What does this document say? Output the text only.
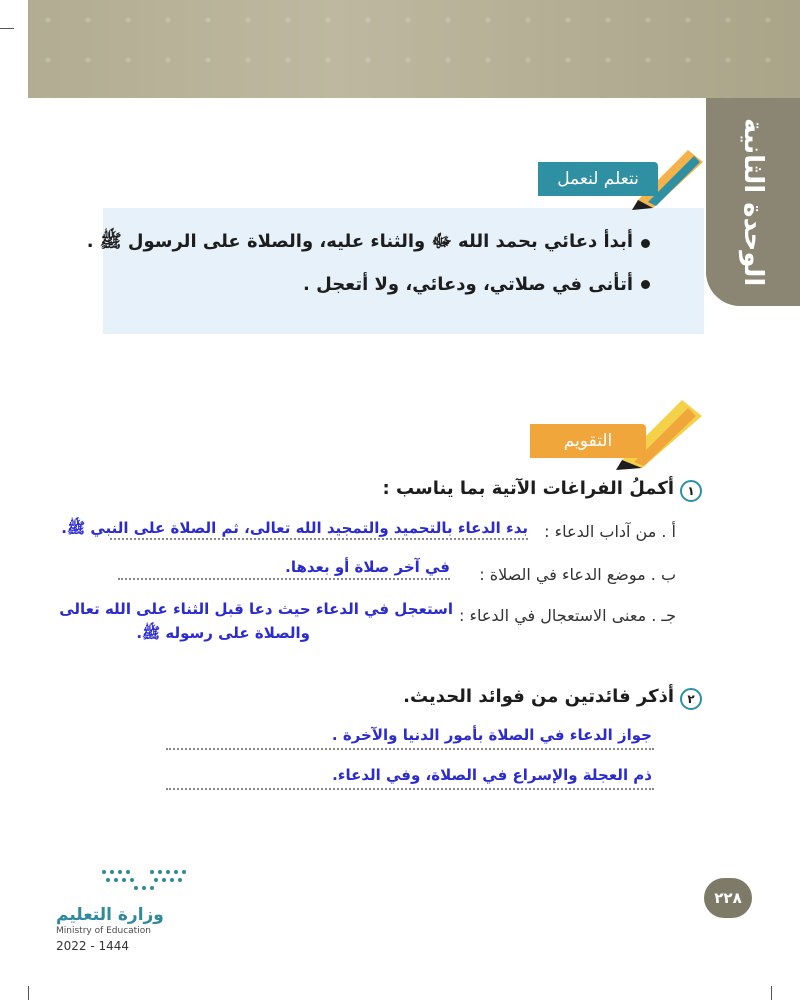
الوحدة الثانية
نتعلم لنعمل
أبدأ دعائي بحمد الله ﷻ والثناء عليه، والصلاة على الرسول ﷺ .
أتأنى في صلاتي، ودعائي، ولا أتعجل .
التقويم
١
أكملُ الفراغات الآتية بما يناسب :
أ . من آداب الدعاء :
بدء الدعاء بالتحميد والتمجيد الله تعالى، ثم الصلاة على النبي ﷺ.
ب . موضع الدعاء في الصلاة :
في آخر صلاة أو بعدها.
جـ . معنى الاستعجال في الدعاء :
استعجل في الدعاء حيث دعا قبل الثناء على الله تعالى
والصلاة على رسوله ﷺ.
٢
أذكر فائدتين من فوائد الحديث.
جواز الدعاء في الصلاة بأمور الدنيا والآخرة .
ذم العجلة والإسراع في الصلاة، وفي الدعاء.
وزارة التعليم
Ministry of Education
2022 - 1444
٢٢٨
